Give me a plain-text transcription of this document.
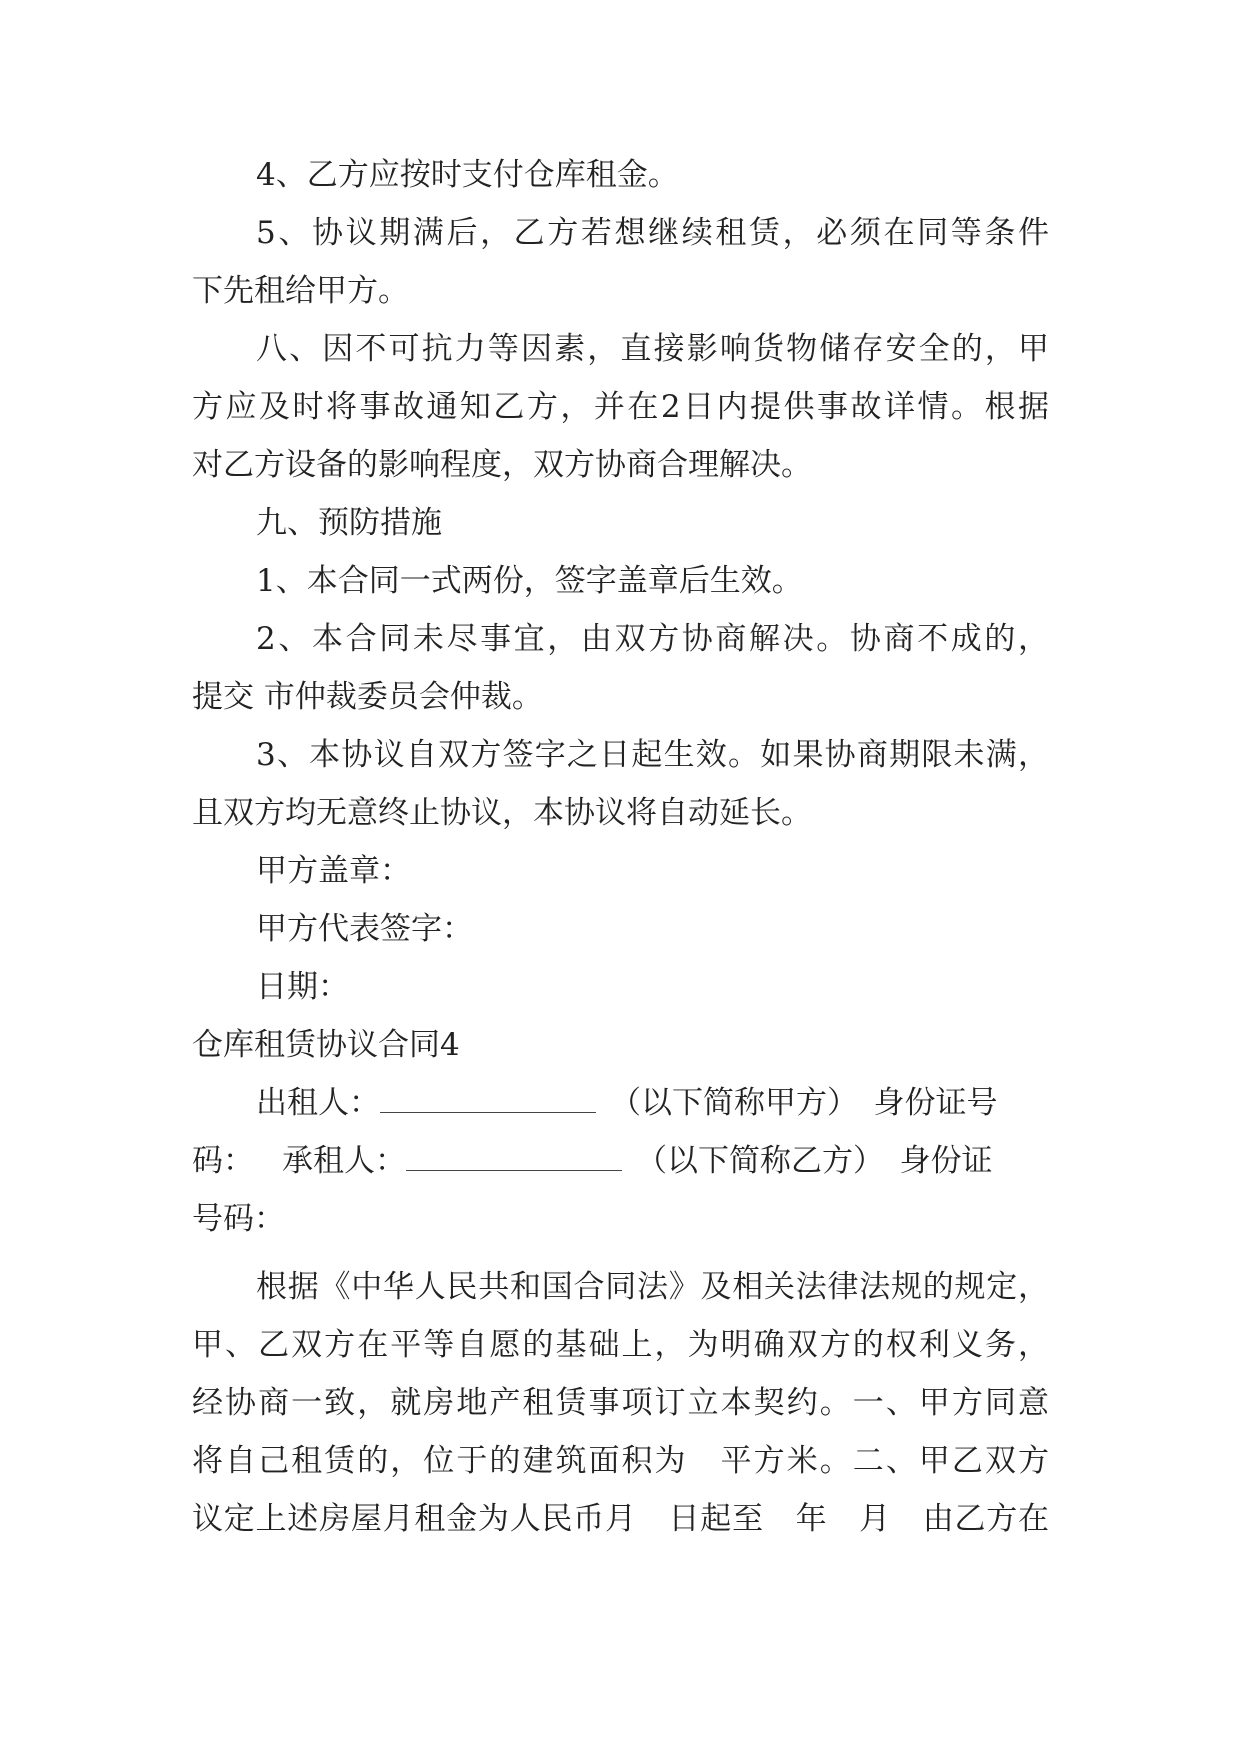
4、乙方应按时支付仓库租金。
5、协议期满后，乙方若想继续租赁，必须在同等条件
下先租给甲方。
八、因不可抗力等因素，直接影响货物储存安全的，甲
方应及时将事故通知乙方，并在2日内提供事故详情。根据
对乙方设备的影响程度，双方协商合理解决。
九、预防措施
1、本合同一式两份，签字盖章后生效。
2、本合同未尽事宜，由双方协商解决。协商不成的，
提交 市仲裁委员会仲裁。
3、本协议自双方签字之日起生效。如果协商期限未满，
且双方均无意终止协议，本协议将自动延长。
甲方盖章：
甲方代表签字：
日期：
仓库租赁协议合同4
出租人：	（以下简称甲方）　身份证号
码： 承租人：	（以下简称乙方）　身份证
号码：
根据《中华人民共和国合同法》及相关法律法规的规定，
甲、乙双方在平等自愿的基础上，为明确双方的权利义务，
经协商一致，就房地产租赁事项订立本契约。一、甲方同意
将自己租赁的，位于的建筑面积为　平方米。二、甲乙双方
议定上述房屋月租金为人民币月　日起至　年　月　由乙方在
